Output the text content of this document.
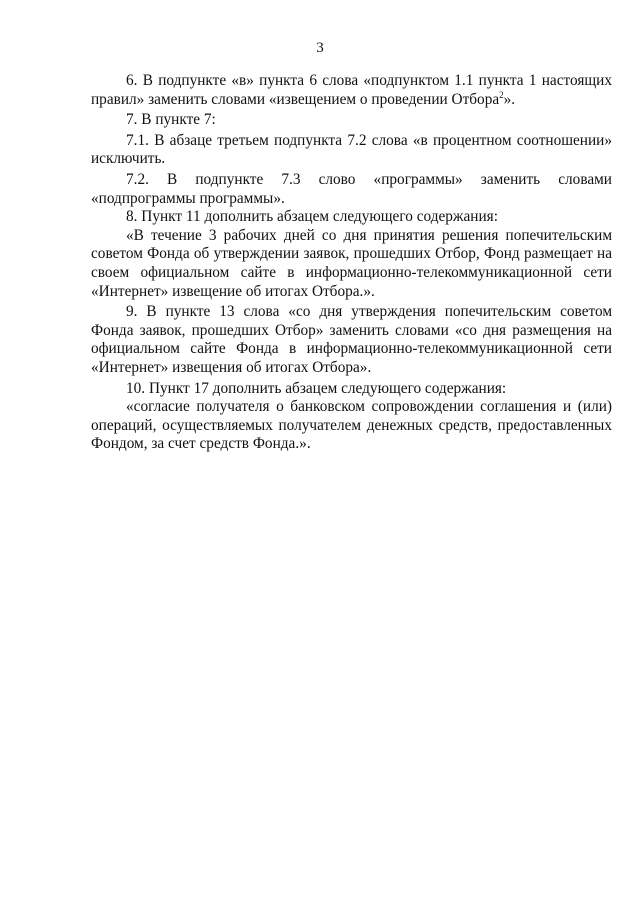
3

6. В подпункте «в» пункта 6 слова «подпунктом 1.1 пункта 1 настоящих правил» заменить словами «извещением о проведении Отбора$^2$».

7. В пункте 7:

7.1. В абзаце третьем подпункта 7.2 слова «в процентном соотношении» исключить.

7.2. В подпункте 7.3 слово «программы» заменить словами «подпрограммы программы».

8. Пункт 11 дополнить абзацем следующего содержания:

«В течение 3 рабочих дней со дня принятия решения попечительским советом Фонда об утверждении заявок, прошедших Отбор, Фонд размещает на своем официальном сайте в информационно-телекоммуникационной сети «Интернет» извещение об итогах Отбора.».

9. В пункте 13 слова «со дня утверждения попечительским советом Фонда заявок, прошедших Отбор» заменить словами «со дня размещения на официальном сайте Фонда в информационно-телекоммуникационной сети «Интернет» извещения об итогах Отбора».

10. Пункт 17 дополнить абзацем следующего содержания:

«согласие получателя о банковском сопровождении соглашения и (или) операций, осуществляемых получателем денежных средств, предоставленных Фондом, за счет средств Фонда.».
